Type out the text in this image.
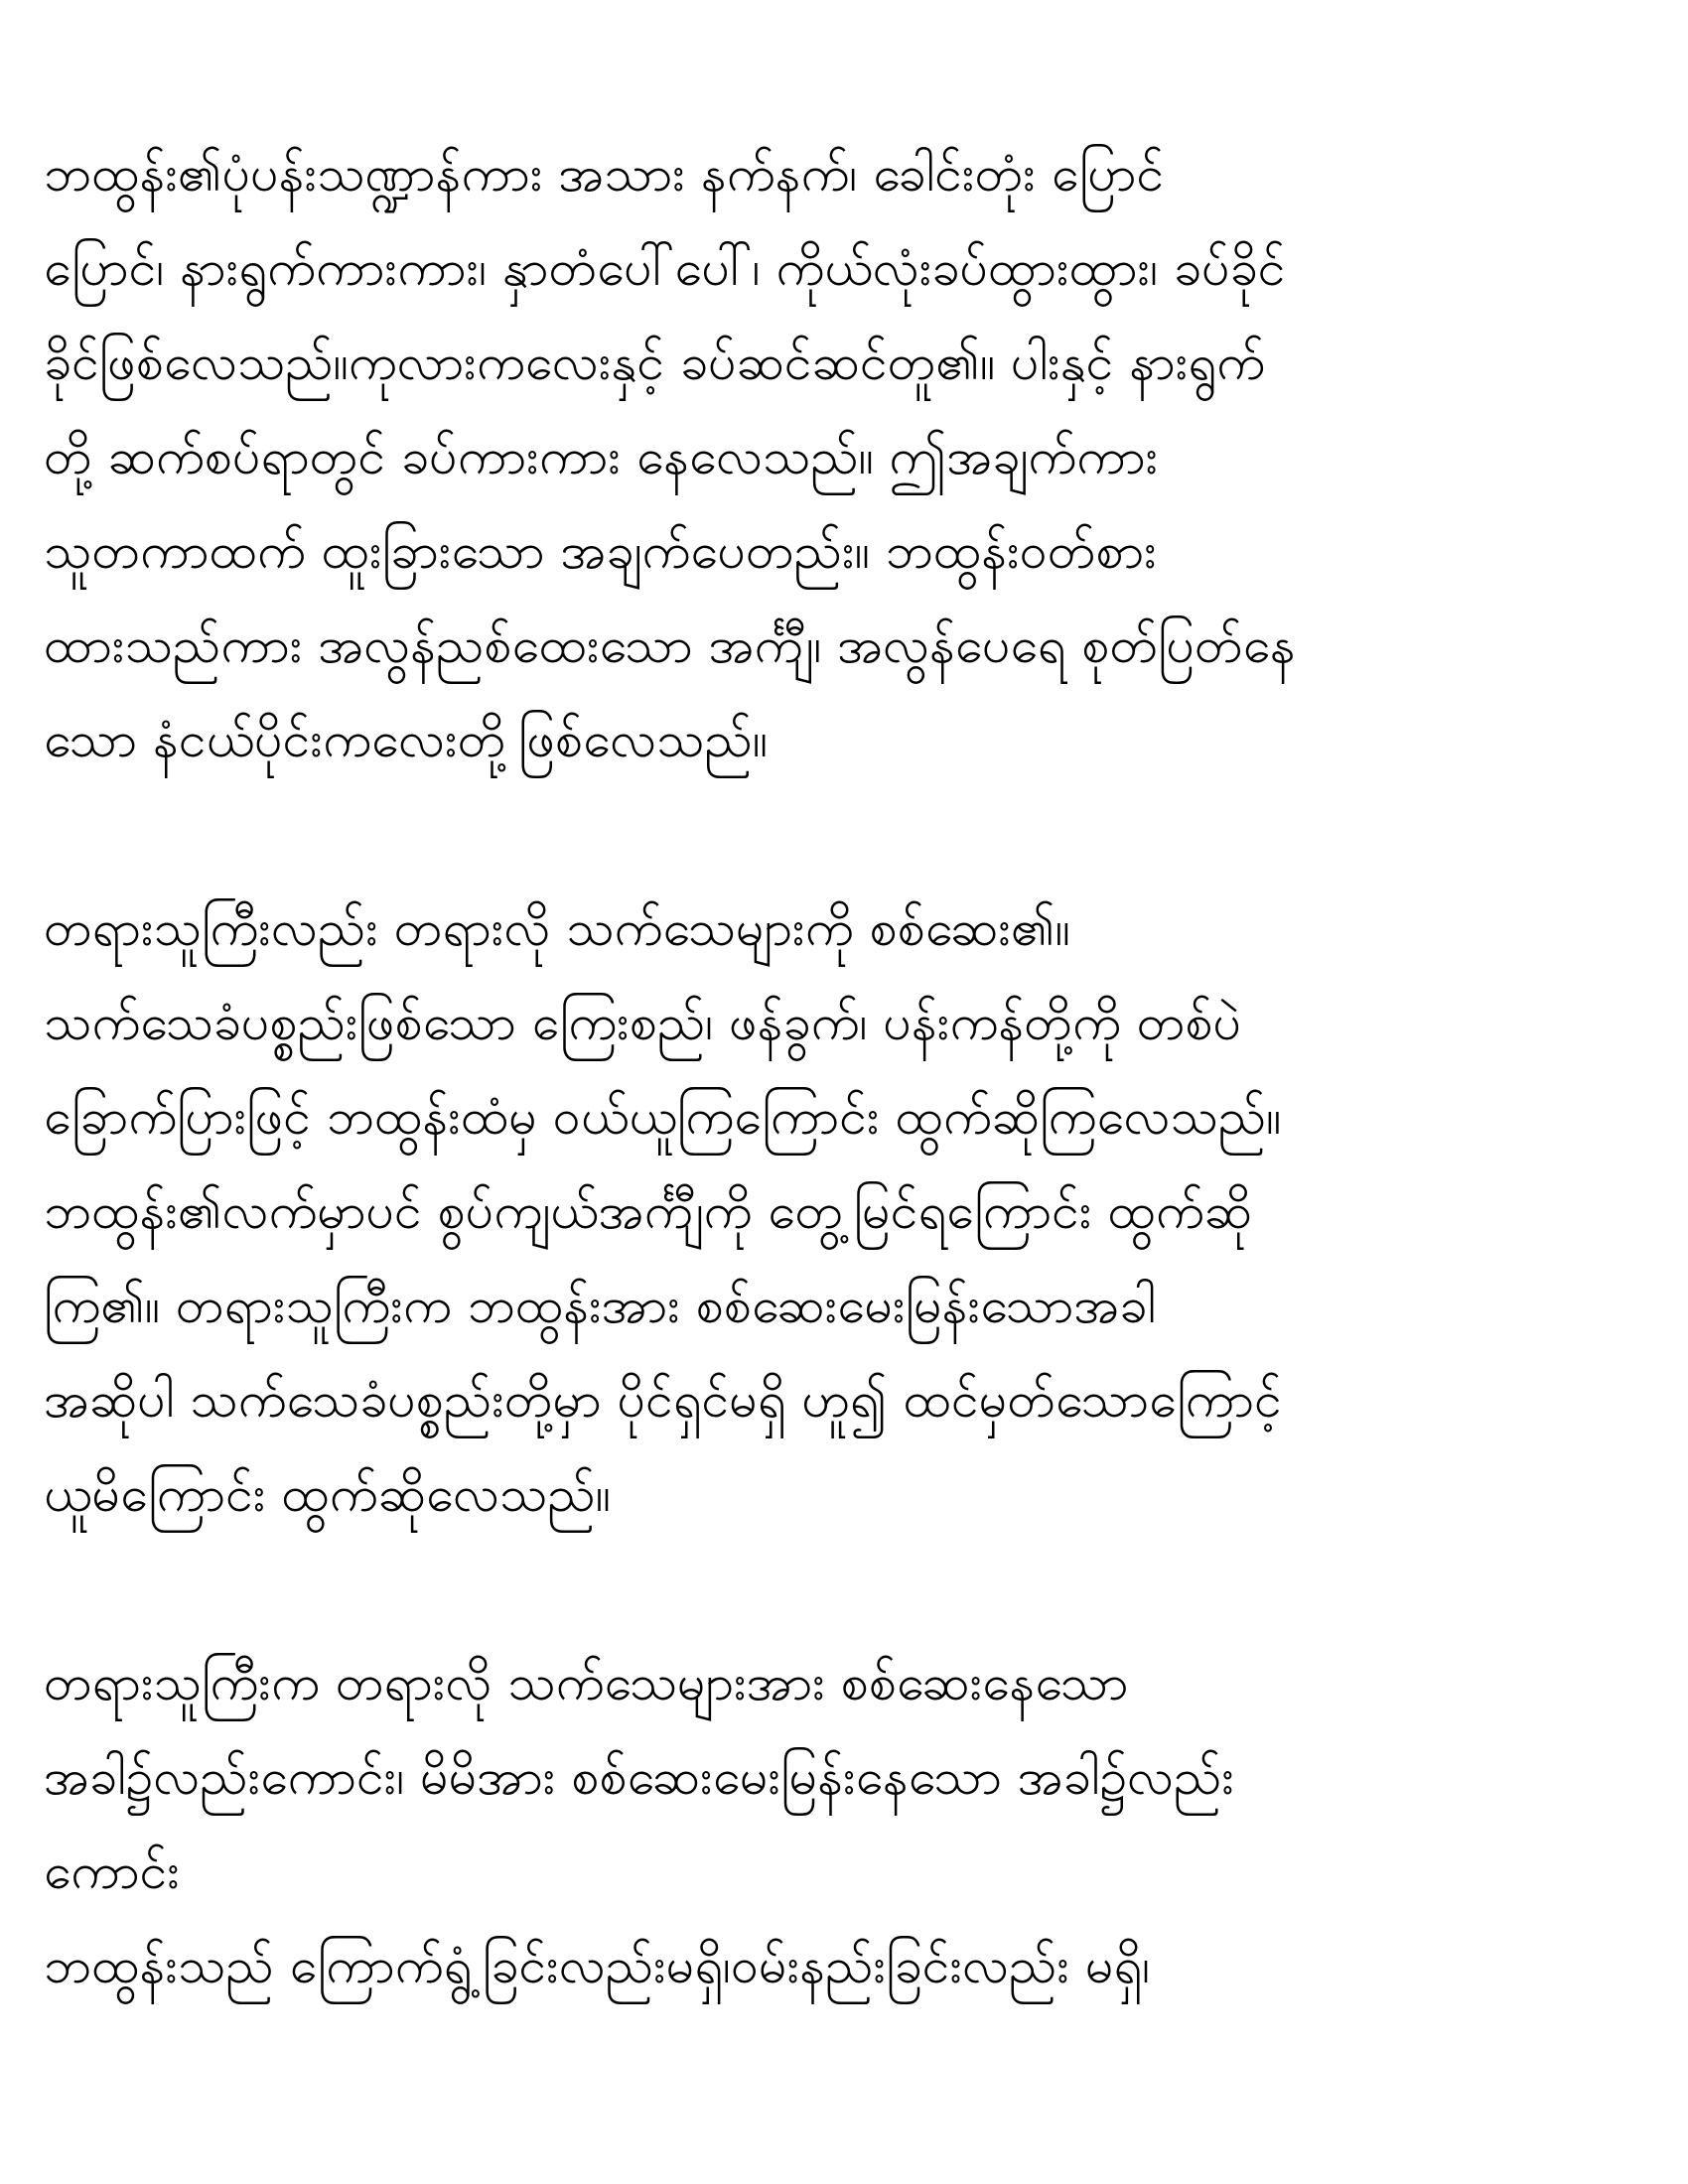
ဘထွန်း၏ပုံပန်းသဏ္ဍာန်ကား အသား နက်နက်၊ ခေါင်းတုံး ပြောင်
ပြောင်၊ နားရွက်ကားကား၊ နှာတံပေါ်ပေါ်၊ ကိုယ်လုံးခပ်ထွားထွား၊ ခပ်ခိုင်
ခိုင်ဖြစ်လေသည်။ကုလားကလေးနှင့် ခပ်ဆင်ဆင်တူ၏။ ပါးနှင့် နားရွက်
တို့ ဆက်စပ်ရာတွင် ခပ်ကားကား နေလေသည်။ ဤအချက်ကား
သူတကာထက် ထူးခြားသော အချက်ပေတည်း။ ဘထွန်းဝတ်စား
ထားသည်ကား အလွန်ညစ်ထေးသော အင်္ကျီ၊ အလွန်ပေရေ စုတ်ပြတ်နေ
သော နံငယ်ပိုင်းကလေးတို့ဖြစ်လေသည်။
တရားသူကြီးလည်း တရားလို သက်သေများကို စစ်ဆေး၏။
သက်သေခံပစ္စည်းဖြစ်သော ကြေးစည်၊ ဖန်ခွက်၊ ပန်းကန်တို့ကို တစ်ပဲ
ခြောက်ပြားဖြင့် ဘထွန်းထံမှ ဝယ်ယူကြကြောင်း ထွက်ဆိုကြလေသည်။
ဘထွန်း၏လက်မှာပင် စွပ်ကျယ်အင်္ကျီကို တွေ့မြင်ရကြောင်း ထွက်ဆို
ကြ၏။ တရားသူကြီးက ဘထွန်းအား စစ်ဆေးမေးမြန်းသောအခါ
အဆိုပါ သက်သေခံပစ္စည်းတို့မှာ ပိုင်ရှင်မရှိ ဟူ၍ ထင်မှတ်သောကြောင့်
ယူမိကြောင်း ထွက်ဆိုလေသည်။
တရားသူကြီးက တရားလို သက်သေများအား စစ်ဆေးနေသော
အခါ၌လည်းကောင်း၊ မိမိအား စစ်ဆေးမေးမြန်းနေသော အခါ၌လည်း
ကောင်း
ဘထွန်းသည် ကြောက်ရွံ့ခြင်းလည်းမရှိ၊ဝမ်းနည်းခြင်းလည်း မရှိ၊
